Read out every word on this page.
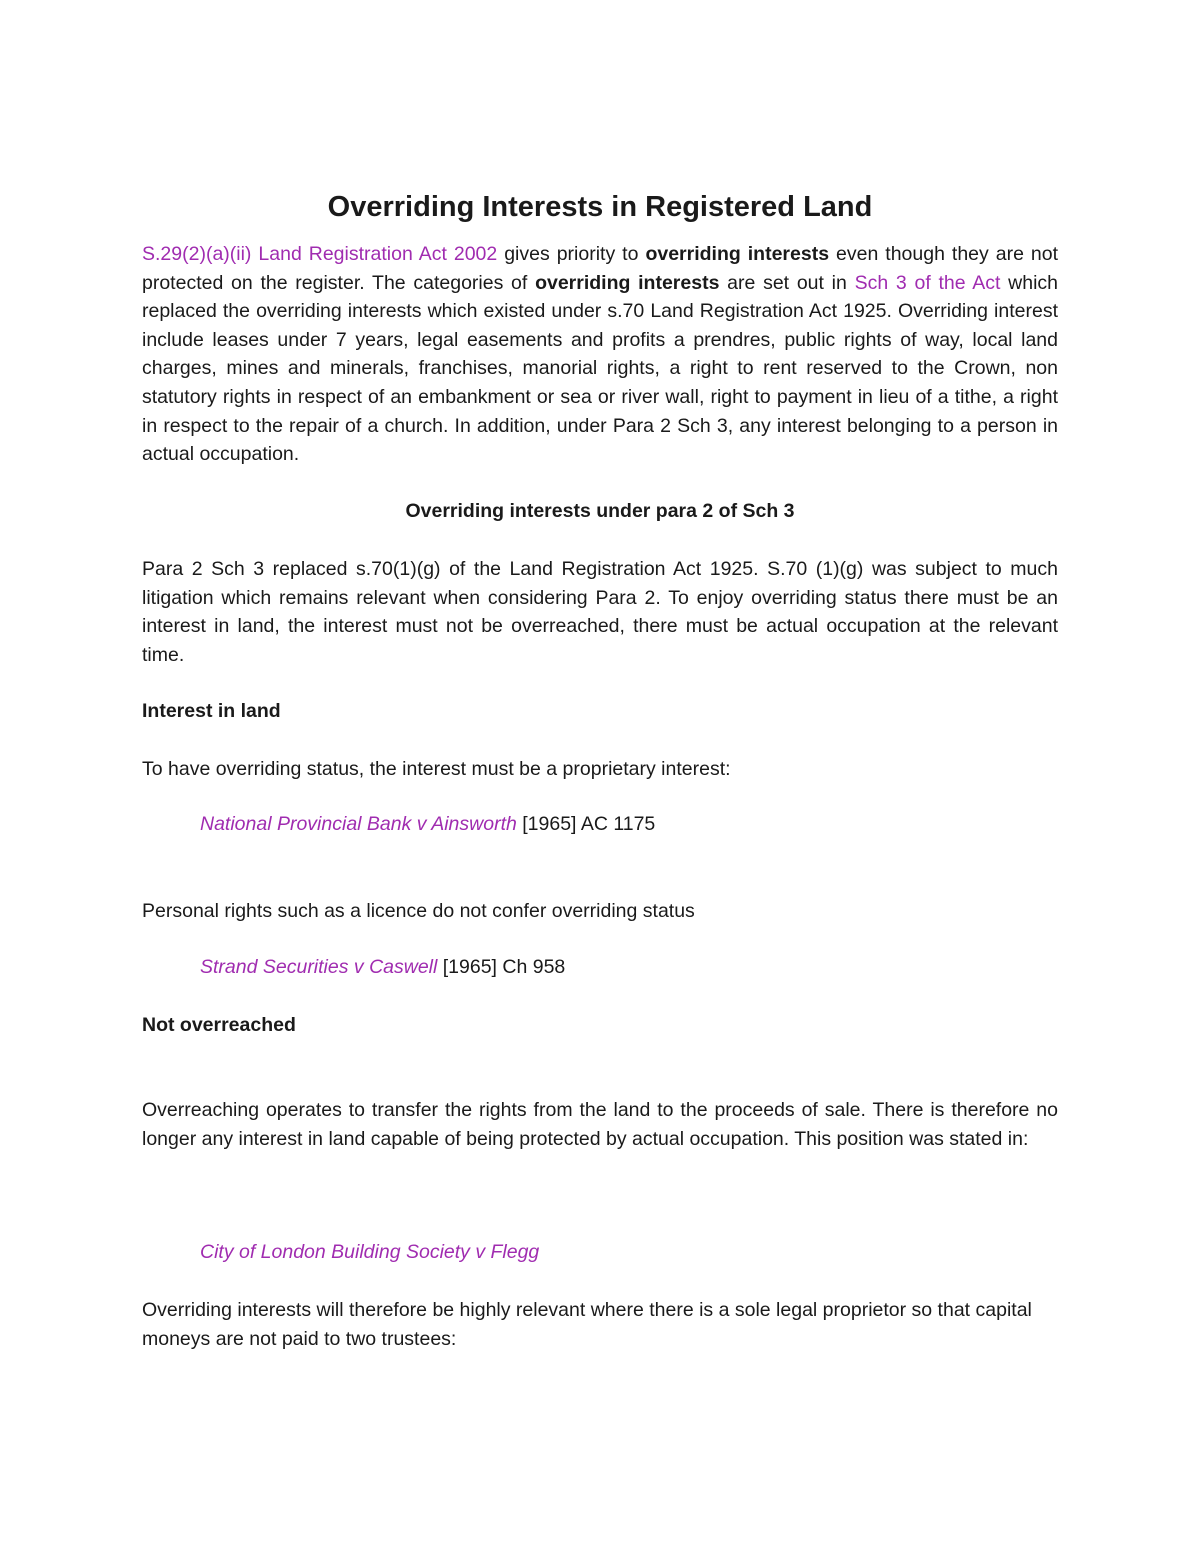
Overriding Interests in Registered Land

S.29(2)(a)(ii) Land Registration Act 2002 gives priority to overriding interests even though they are not protected on the register. The categories of overriding interests are set out in Sch 3 of the Act which replaced the overriding interests which existed under s.70 Land Registration Act 1925. Overriding interest include leases under 7 years, legal easements and profits a prendres, public rights of way, local land charges, mines and minerals, franchises, manorial rights, a right to rent reserved to the Crown, non statutory rights in respect of an embankment or sea or river wall, right to payment in lieu of a tithe, a right in respect to the repair of a church. In addition, under Para 2 Sch 3, any interest belonging to a person in actual occupation.

Overriding interests under para 2 of Sch 3

Para 2 Sch 3 replaced s.70(1)(g) of the Land Registration Act 1925. S.70 (1)(g) was subject to much litigation which remains relevant when considering Para 2. To enjoy overriding status there must be an interest in land, the interest must not be overreached, there must be actual occupation at the relevant time.

Interest in land

To have overriding status, the interest must be a proprietary interest:

National Provincial Bank v Ainsworth [1965] AC 1175

Personal rights such as a licence do not confer overriding status

Strand Securities v Caswell [1965] Ch 958

Not overreached

Overreaching operates to transfer the rights from the land to the proceeds of sale. There is therefore no longer any interest in land capable of being protected by actual occupation. This position was stated in:

City of London Building Society v Flegg

Overriding interests will therefore be highly relevant where there is a sole legal proprietor so that capital moneys are not paid to two trustees:
